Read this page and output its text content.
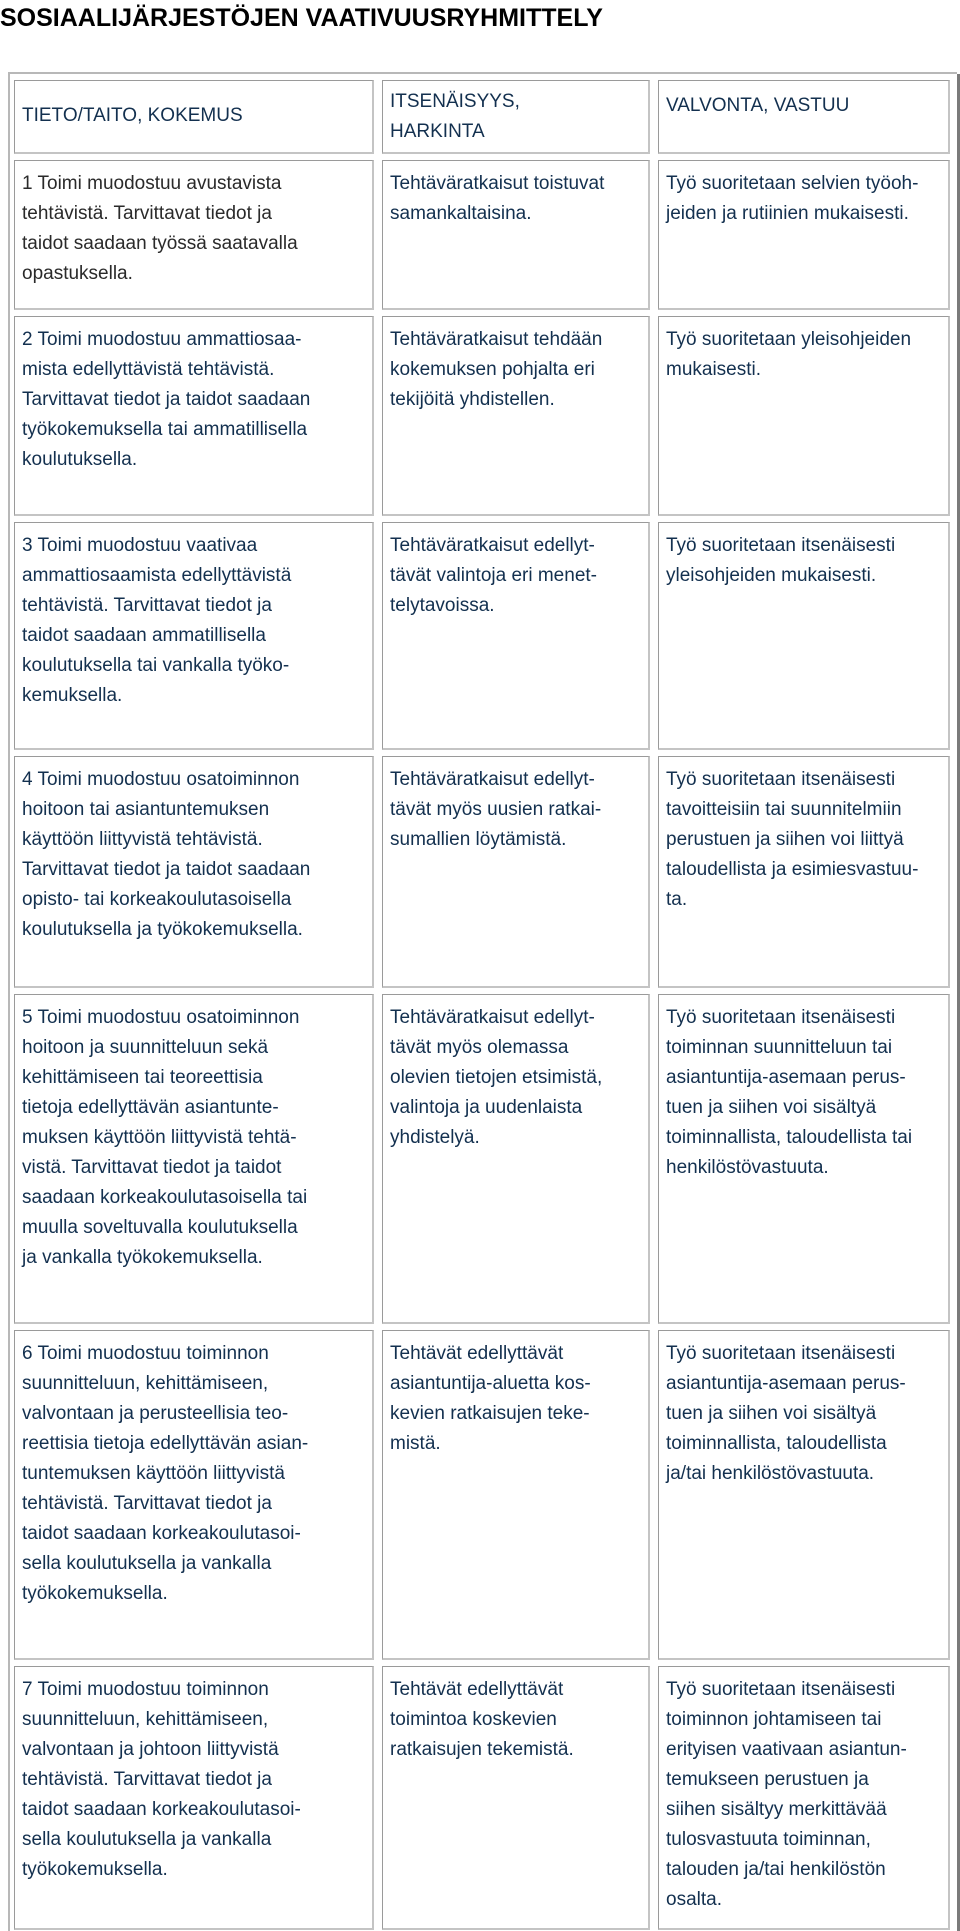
SOSIAALIJÄRJESTÖJEN VAATIVUUSRYHMITTELY
TIETO/TAITO, KOKEMUS
ITSENÄISYYS,
HARKINTA
VALVONTA, VASTUU
1 Toimi muodostuu avustavista
tehtävistä. Tarvittavat tiedot ja
taidot saadaan työssä saatavalla
opastuksella.
Tehtäväratkaisut toistuvat
samankaltaisina.
Työ suoritetaan selvien työoh-
jeiden ja rutiinien mukaisesti.
2 Toimi muodostuu ammattiosaa-
mista edellyttävistä tehtävistä.
Tarvittavat tiedot ja taidot saadaan
työkokemuksella tai ammatillisella
koulutuksella.
Tehtäväratkaisut tehdään
kokemuksen pohjalta eri
tekijöitä yhdistellen.
Työ suoritetaan yleisohjeiden
mukaisesti.
3 Toimi muodostuu vaativaa
ammattiosaamista edellyttävistä
tehtävistä. Tarvittavat tiedot ja
taidot saadaan ammatillisella
koulutuksella tai vankalla työko-
kemuksella.
Tehtäväratkaisut edellyt-
tävät valintoja eri menet-
telytavoissa.
Työ suoritetaan itsenäisesti
yleisohjeiden mukaisesti.
4 Toimi muodostuu osatoiminnon
hoitoon tai asiantuntemuksen
käyttöön liittyvistä tehtävistä.
Tarvittavat tiedot ja taidot saadaan
opisto- tai korkeakoulutasoisella
koulutuksella ja työkokemuksella.
Tehtäväratkaisut edellyt-
tävät myös uusien ratkai-
sumallien löytämistä.
Työ suoritetaan itsenäisesti
tavoitteisiin tai suunnitelmiin
perustuen ja siihen voi liittyä
taloudellista ja esimiesvastuu-
ta.
5 Toimi muodostuu osatoiminnon
hoitoon ja suunnitteluun sekä
kehittämiseen tai teoreettisia
tietoja edellyttävän asiantunte-
muksen käyttöön liittyvistä tehtä-
vistä. Tarvittavat tiedot ja taidot
saadaan korkeakoulutasoisella tai
muulla soveltuvalla koulutuksella
ja vankalla työkokemuksella.
Tehtäväratkaisut edellyt-
tävät myös olemassa
olevien tietojen etsimistä,
valintoja ja uudenlaista
yhdistelyä.
Työ suoritetaan itsenäisesti
toiminnan suunnitteluun tai
asiantuntija-asemaan perus-
tuen ja siihen voi sisältyä
toiminnallista, taloudellista tai
henkilöstövastuuta.
6 Toimi muodostuu toiminnon
suunnitteluun, kehittämiseen,
valvontaan ja perusteellisia teo-
reettisia tietoja edellyttävän asian-
tuntemuksen käyttöön liittyvistä
tehtävistä. Tarvittavat tiedot ja
taidot saadaan korkeakoulutasoi-
sella koulutuksella ja vankalla
työkokemuksella.
Tehtävät edellyttävät
asiantuntija-aluetta kos-
kevien ratkaisujen teke-
mistä.
Työ suoritetaan itsenäisesti
asiantuntija-asemaan perus-
tuen ja siihen voi sisältyä
toiminnallista, taloudellista
ja/tai henkilöstövastuuta.
7 Toimi muodostuu toiminnon
suunnitteluun, kehittämiseen,
valvontaan ja johtoon liittyvistä
tehtävistä. Tarvittavat tiedot ja
taidot saadaan korkeakoulutasoi-
sella koulutuksella ja vankalla
työkokemuksella.
Tehtävät edellyttävät
toimintoa koskevien
ratkaisujen tekemistä.
Työ suoritetaan itsenäisesti
toiminnon johtamiseen tai
erityisen vaativaan asiantun-
temukseen perustuen ja
siihen sisältyy merkittävää
tulosvastuuta toiminnan,
talouden ja/tai henkilöstön
osalta.
